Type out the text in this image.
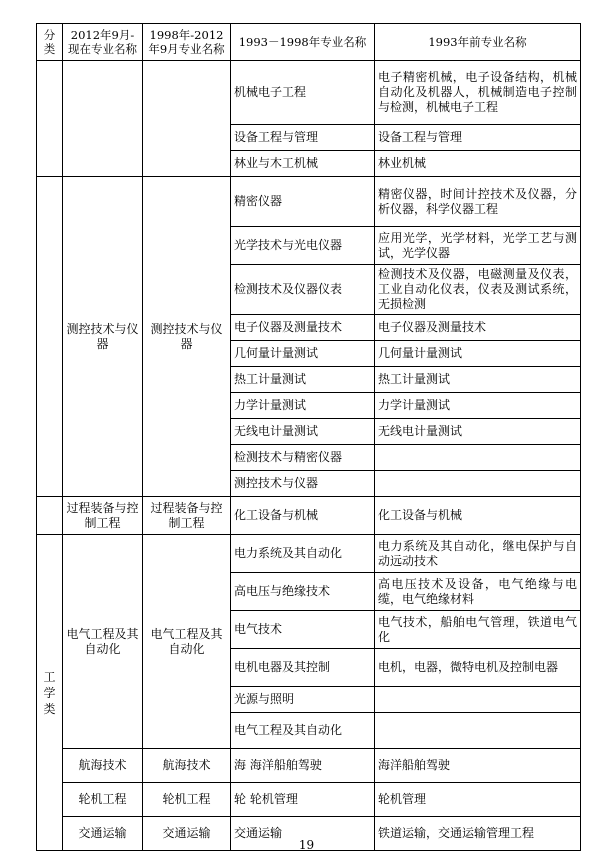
分类	2012年9月-现在专业名称	1998年-2012年9月专业名称	1993－1998年专业名称	1993年前专业名称
			机械电子工程	电子精密机械，电子设备结构，机械自动化及机器人，机械制造电子控制与检测，机械电子工程
			设备工程与管理	设备工程与管理
			林业与木工机械	林业机械
	测控技术与仪器	测控技术与仪器	精密仪器	精密仪器，时间计控技术及仪器，分析仪器，科学仪器工程
			光学技术与光电仪器	应用光学，光学材料，光学工艺与测试，光学仪器
			检测技术及仪器仪表	检测技术及仪器，电磁测量及仪表，工业自动化仪表，仪表及测试系统，无损检测
			电子仪器及测量技术	电子仪器及测量技术
			几何量计量测试	几何量计量测试
			热工计量测试	热工计量测试
			力学计量测试	力学计量测试
			无线电计量测试	无线电计量测试
			检测技术与精密仪器	
			测控技术与仪器	
	过程装备与控制工程	过程装备与控制工程	化工设备与机械	化工设备与机械

工学类	电气工程及其自动化	电气工程及其自动化	电力系统及其自动化	电力系统及其自动化，继电保护与自动远动技术
			高电压与绝缘技术	高电压技术及设备，电气绝缘与电缆，电气绝缘材料
			电气技术	电气技术，船舶电气管理，铁道电气化
			电机电器及其控制	电机，电器，微特电机及控制电器
			光源与照明	
			电气工程及其自动化	
	航海技术	航海技术	海 海洋船舶驾驶	海洋船舶驾驶
	轮机工程	轮机工程	轮 轮机管理	轮机管理
	交通运输	交通运输	交通运输	铁道运输，交通运输管理工程
19
